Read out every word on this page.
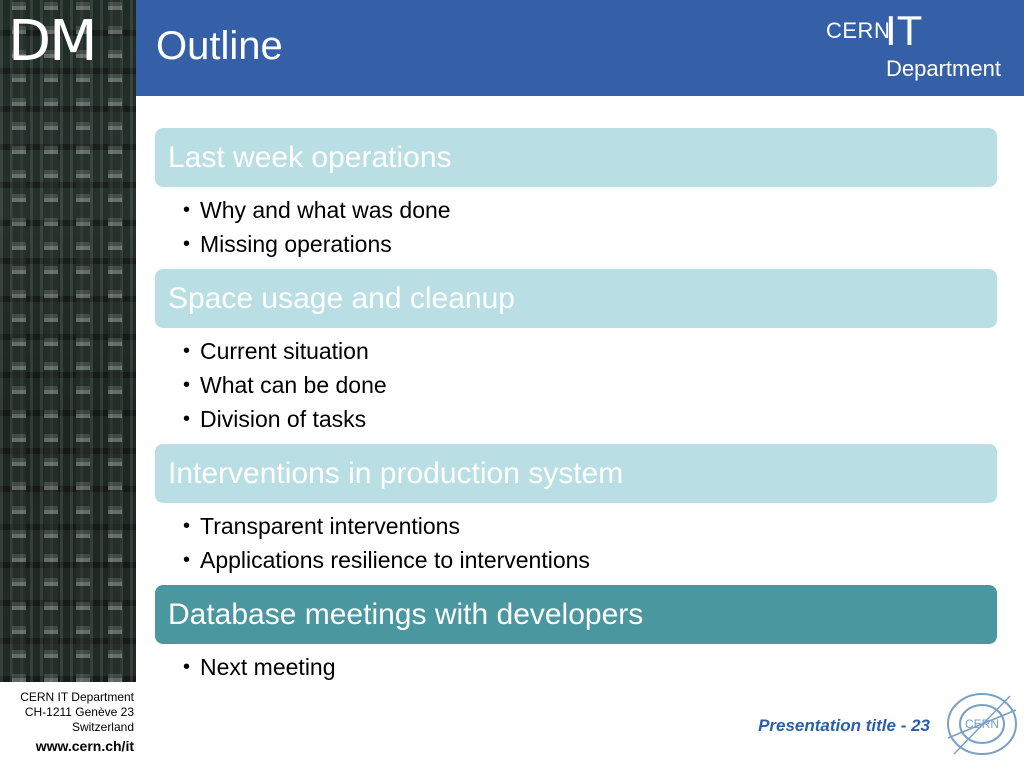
DM Outline	CERN
IT
Department
Last week operations
• Why and what was done
• Missing operations
Space usage and cleanup
• Current situation
• What can be done
• Division of tasks
Interventions in production system
• Transparent interventions
• Applications resilience to interventions
Database meetings with developers
• Next meeting
CERN IT Department
CH-1211 Genève 23
Switzerland
www.cern.ch/it
Presentation title - 23	CERN
